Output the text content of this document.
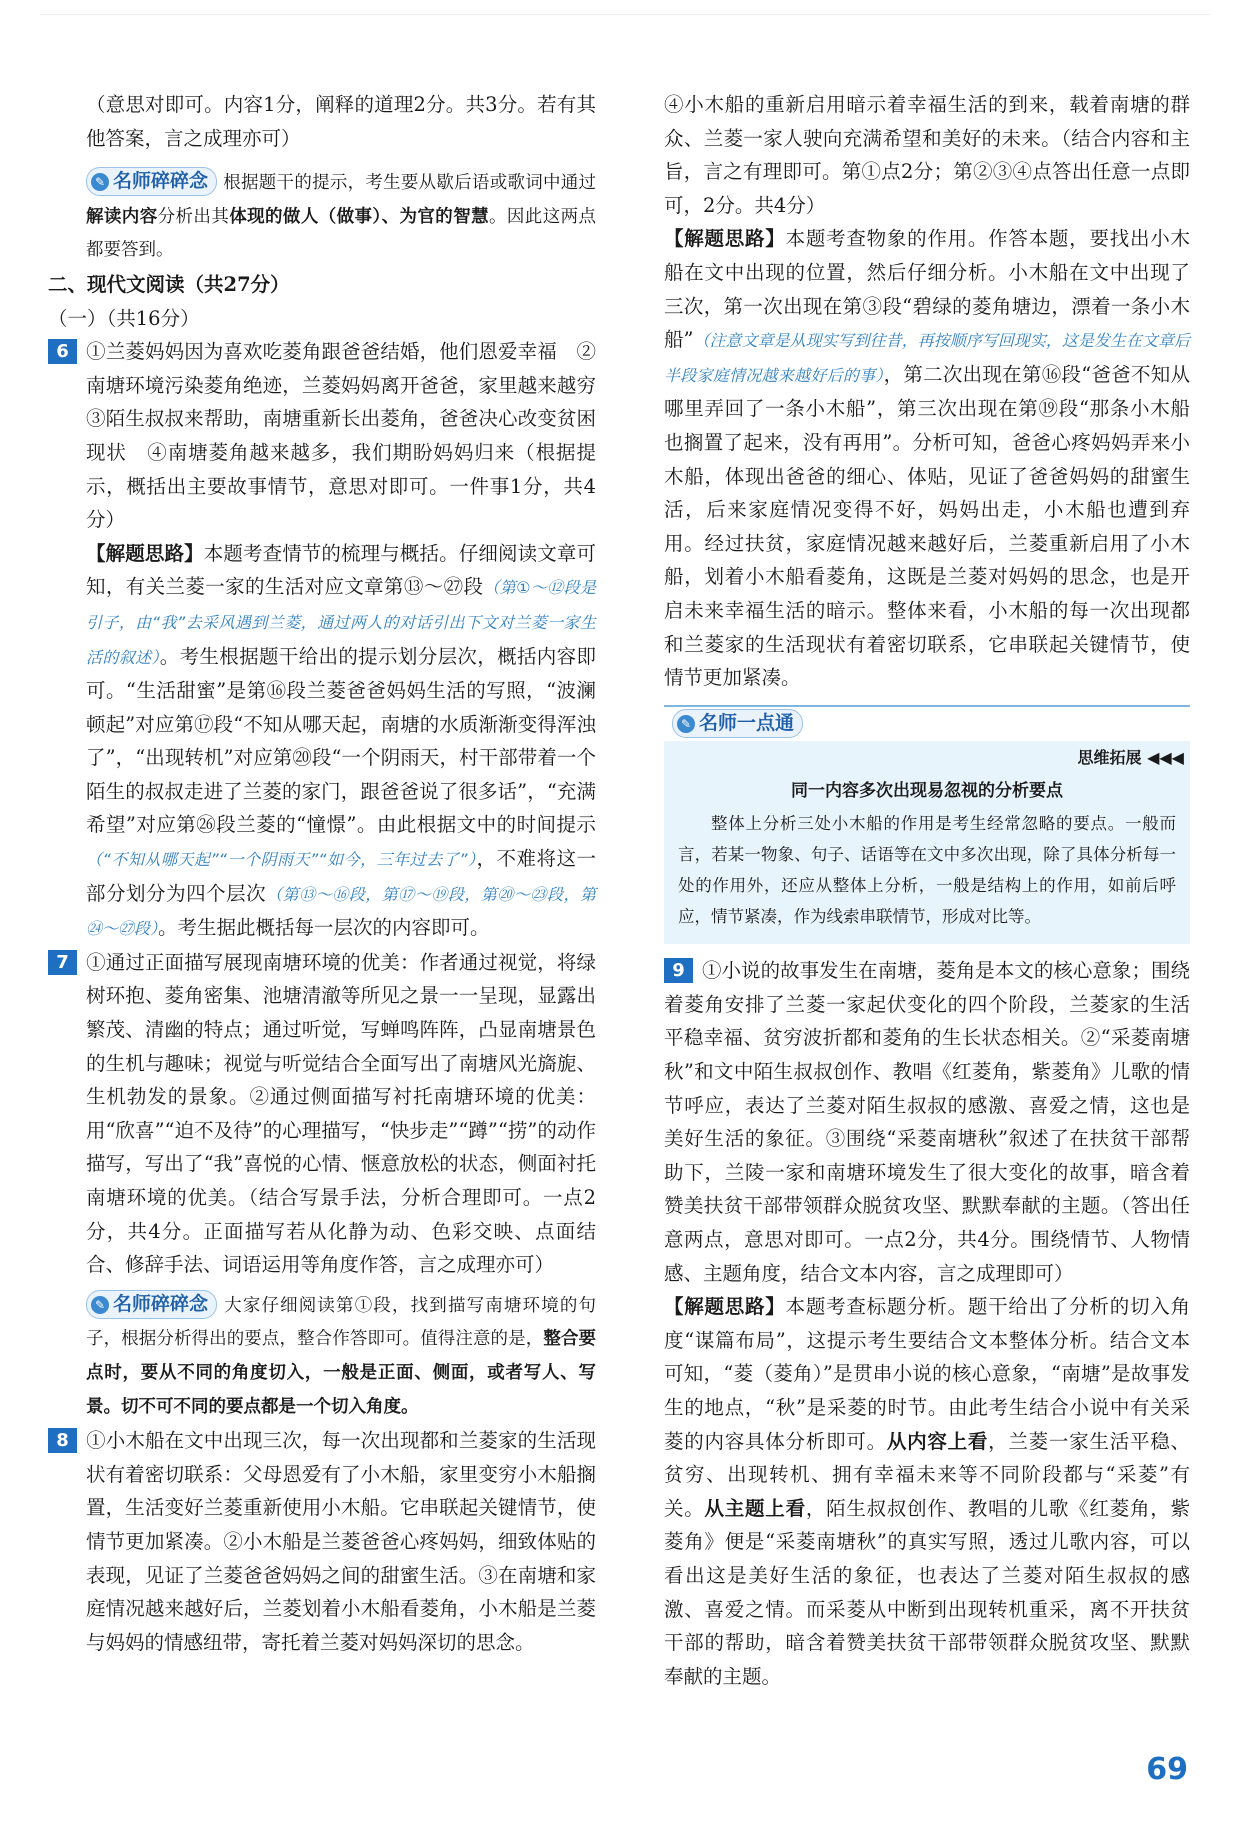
（意思对即可。内容1分，阐释的道理2分。共3分。若有其他答案，言之成理亦可）

✎ 名师碎碎念 根据题干的提示，考生要从歇后语或歌词中通过解读内容分析出其体现的做人（做事）、为官的智慧。因此这两点都要答到。

二、现代文阅读（共27分）

（一）（共16分）

6 ①兰菱妈妈因为喜欢吃菱角跟爸爸结婚，他们恩爱幸福　②南塘环境污染菱角绝迹，兰菱妈妈离开爸爸，家里越来越穷　③陌生叔叔来帮助，南塘重新长出菱角，爸爸决心改变贫困现状　④南塘菱角越来越多，我们期盼妈妈归来（根据提示，概括出主要故事情节，意思对即可。一件事1分，共4分）

【解题思路】本题考查情节的梳理与概括。仔细阅读文章可知，有关兰菱一家的生活对应文章第⑬～㉗段（第①～⑫段是引子，由“我”去采风遇到兰菱，通过两人的对话引出下文对兰菱一家生活的叙述）。考生根据题干给出的提示划分层次，概括内容即可。“生活甜蜜”是第⑯段兰菱爸爸妈妈生活的写照，“波澜顿起”对应第⑰段“不知从哪天起，南塘的水质渐渐变得浑浊了”，“出现转机”对应第⑳段“一个阴雨天，村干部带着一个陌生的叔叔走进了兰菱的家门，跟爸爸说了很多话”，“充满希望”对应第㉖段兰菱的“憧憬”。由此根据文中的时间提示（“不知从哪天起”“一个阴雨天”“如今，三年过去了”），不难将这一部分划分为四个层次（第⑬～⑯段，第⑰～⑲段，第⑳～㉓段，第㉔～㉗段）。考生据此概括每一层次的内容即可。

7 ①通过正面描写展现南塘环境的优美：作者通过视觉，将绿树环抱、菱角密集、池塘清澈等所见之景一一呈现，显露出繁茂、清幽的特点；通过听觉，写蝉鸣阵阵，凸显南塘景色的生机与趣味；视觉与听觉结合全面写出了南塘风光旖旎、生机勃发的景象。②通过侧面描写衬托南塘环境的优美：用“欣喜”“迫不及待”的心理描写，“快步走”“蹲”“捞”的动作描写，写出了“我”喜悦的心情、惬意放松的状态，侧面衬托南塘环境的优美。（结合写景手法，分析合理即可。一点2分，共4分。正面描写若从化静为动、色彩交映、点面结合、修辞手法、词语运用等角度作答，言之成理亦可）

✎ 名师碎碎念 大家仔细阅读第①段，找到描写南塘环境的句子，根据分析得出的要点，整合作答即可。值得注意的是，整合要点时，要从不同的角度切入，一般是正面、侧面，或者写人、写景。切不可不同的要点都是一个切入角度。

8 ①小木船在文中出现三次，每一次出现都和兰菱家的生活现状有着密切联系：父母恩爱有了小木船，家里变穷小木船搁置，生活变好兰菱重新使用小木船。它串联起关键情节，使情节更加紧凑。②小木船是兰菱爸爸心疼妈妈，细致体贴的表现，见证了兰菱爸爸妈妈之间的甜蜜生活。③在南塘和家庭情况越来越好后，兰菱划着小木船看菱角，小木船是兰菱与妈妈的情感纽带，寄托着兰菱对妈妈深切的思念。

④小木船的重新启用暗示着幸福生活的到来，载着南塘的群众、兰菱一家人驶向充满希望和美好的未来。（结合内容和主旨，言之有理即可。第①点2分；第②③④点答出任意一点即可，2分。共4分）

【解题思路】本题考查物象的作用。作答本题，要找出小木船在文中出现的位置，然后仔细分析。小木船在文中出现了三次，第一次出现在第③段“碧绿的菱角塘边，漂着一条小木船”（注意文章是从现实写到往昔，再按顺序写回现实，这是发生在文章后半段家庭情况越来越好后的事），第二次出现在第⑯段“爸爸不知从哪里弄回了一条小木船”，第三次出现在第⑲段“那条小木船也搁置了起来，没有再用”。分析可知，爸爸心疼妈妈弄来小木船，体现出爸爸的细心、体贴，见证了爸爸妈妈的甜蜜生活，后来家庭情况变得不好，妈妈出走，小木船也遭到弃用。经过扶贫，家庭情况越来越好后，兰菱重新启用了小木船，划着小木船看菱角，这既是兰菱对妈妈的思念，也是开启未来幸福生活的暗示。整体来看，小木船的每一次出现都和兰菱家的生活现状有着密切联系，它串联起关键情节，使情节更加紧凑。

✎ 名师一点通
思维拓展 ◀◀◀
同一内容多次出现易忽视的分析要点
整体上分析三处小木船的作用是考生经常忽略的要点。一般而言，若某一物象、句子、话语等在文中多次出现，除了具体分析每一处的作用外，还应从整体上分析，一般是结构上的作用，如前后呼应，情节紧凑，作为线索串联情节，形成对比等。

9 ①小说的故事发生在南塘，菱角是本文的核心意象；围绕着菱角安排了兰菱一家起伏变化的四个阶段，兰菱家的生活平稳幸福、贫穷波折都和菱角的生长状态相关。②“采菱南塘秋”和文中陌生叔叔创作、教唱《红菱角，紫菱角》儿歌的情节呼应，表达了兰菱对陌生叔叔的感激、喜爱之情，这也是美好生活的象征。③围绕“采菱南塘秋”叙述了在扶贫干部帮助下，兰陵一家和南塘环境发生了很大变化的故事，暗含着赞美扶贫干部带领群众脱贫攻坚、默默奉献的主题。（答出任意两点，意思对即可。一点2分，共4分。围绕情节、人物情感、主题角度，结合文本内容，言之成理即可）

【解题思路】本题考查标题分析。题干给出了分析的切入角度“谋篇布局”，这提示考生要结合文本整体分析。结合文本可知，“菱（菱角）”是贯串小说的核心意象，“南塘”是故事发生的地点，“秋”是采菱的时节。由此考生结合小说中有关采菱的内容具体分析即可。从内容上看，兰菱一家生活平稳、贫穷、出现转机、拥有幸福未来等不同阶段都与“采菱”有关。从主题上看，陌生叔叔创作、教唱的儿歌《红菱角，紫菱角》便是“采菱南塘秋”的真实写照，透过儿歌内容，可以看出这是美好生活的象征，也表达了兰菱对陌生叔叔的感激、喜爱之情。而采菱从中断到出现转机重采，离不开扶贫干部的帮助，暗含着赞美扶贫干部带领群众脱贫攻坚、默默奉献的主题。

69
